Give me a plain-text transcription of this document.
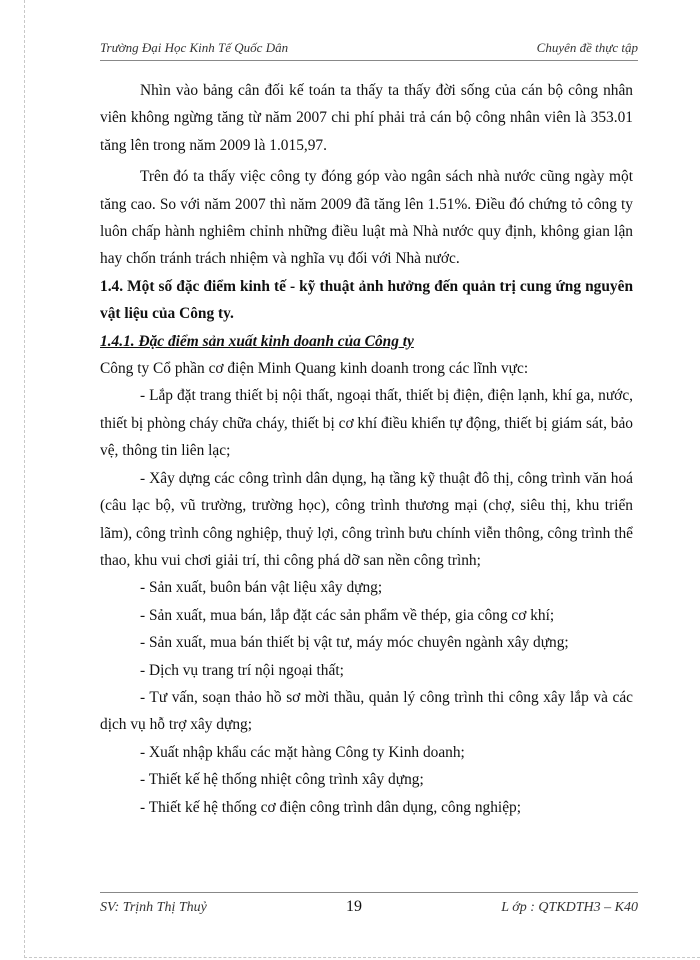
Trường Đại Học Kinh Tế Quốc Dân	Chuyên đề thực tập

Nhìn vào bảng cân đối kế toán ta thấy ta thấy đời sống của cán bộ công nhân viên không ngừng tăng từ năm 2007 chi phí phải trả cán bộ công nhân viên là 353.01 tăng lên trong năm 2009 là 1.015,97.

Trên đó ta thấy việc công ty đóng góp vào ngân sách nhà nước cũng ngày một tăng cao. So với năm 2007 thì năm 2009 đã tăng lên 1.51%. Điều đó chứng tỏ công ty luôn chấp hành nghiêm chỉnh những điều luật mà Nhà nước quy định, không gian lận hay chốn tránh trách nhiệm và nghĩa vụ đối với Nhà nước.

1.4. Một số đặc điểm kinh tế - kỹ thuật ảnh hưởng đến quản trị cung ứng nguyên vật liệu của Công ty.

1.4.1. Đặc điểm sản xuất kinh doanh của Công ty

Công ty Cổ phần cơ điện Minh Quang kinh doanh trong các lĩnh vực:

- Lắp đặt trang thiết bị nội thất, ngoại thất, thiết bị điện, điện lạnh, khí ga, nước, thiết bị phòng cháy chữa cháy, thiết bị cơ khí điều khiển tự động, thiết bị giám sát, bảo vệ, thông tin liên lạc;

- Xây dựng các công trình dân dụng, hạ tầng kỹ thuật đô thị, công trình văn hoá (câu lạc bộ, vũ trường, trường học), công trình thương mại (chợ, siêu thị, khu triển lãm), công trình công nghiệp, thuỷ lợi, công trình bưu chính viễn thông, công trình thể thao, khu vui chơi giải trí, thi công phá dỡ san nền công trình;

- Sản xuất, buôn bán vật liệu xây dựng;

- Sản xuất, mua bán, lắp đặt các sản phẩm về thép, gia công cơ khí;

- Sản xuất, mua bán thiết bị vật tư, máy móc chuyên ngành xây dựng;

- Dịch vụ trang trí nội ngoại thất;

- Tư vấn, soạn thảo hồ sơ mời thầu, quản lý công trình thi công xây lắp và các dịch vụ hỗ trợ xây dựng;

- Xuất nhập khẩu các mặt hàng Công ty Kinh doanh;

- Thiết kế hệ thống nhiệt công trình xây dựng;

- Thiết kế hệ thống cơ điện công trình dân dụng, công nghiệp;

SV: Trịnh Thị Thuỷ	19	L ớp : QTKDTH3 – K40
